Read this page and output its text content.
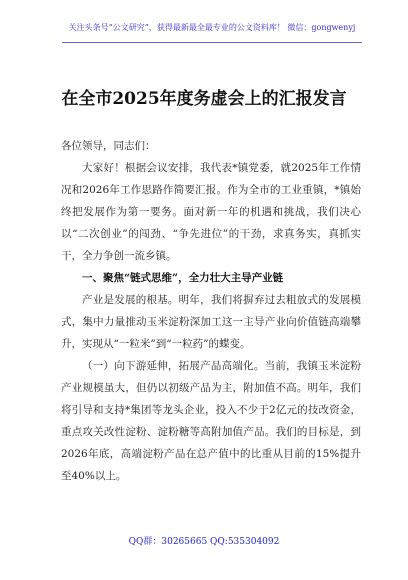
关注头条号“公文研究”，获得最新最全最专业的公文资料库！ 微信：gongwenyj
在全市2025年度务虚会上的汇报发言

各位领导，同志们：

大家好！根据会议安排，我代表*镇党委，就2025年工作情况和2026年工作思路作简要汇报。作为全市的工业重镇，*镇始终把发展作为第一要务。面对新一年的机遇和挑战，我们决心以“二次创业”的闯劲、“争先进位”的干劲，求真务实，真抓实干，全力争创一流乡镇。

一、聚焦“链式思维”，全力壮大主导产业链

产业是发展的根基。明年，我们将摒弃过去粗放式的发展模式，集中力量推动玉米淀粉深加工这一主导产业向价值链高端攀升，实现从“一粒米”到“一粒药”的蝶变。

（一）向下游延伸，拓展产品高端化。当前，我镇玉米淀粉产业规模虽大，但仍以初级产品为主，附加值不高。明年，我们将引导和支持*集团等龙头企业，投入不少于2亿元的技改资金，重点攻关改性淀粉、淀粉糖等高附加值产品。我们的目标是，到2026年底，高端淀粉产品在总产值中的比重从目前的15%提升至40%以上。

QQ群：30265665 QQ:535304092
